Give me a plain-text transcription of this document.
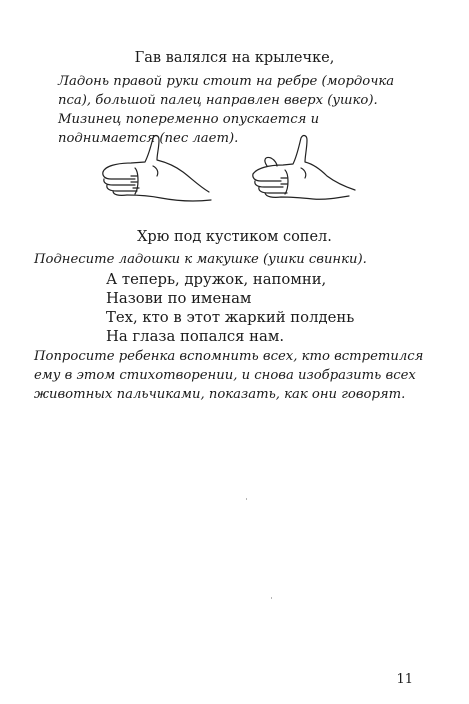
Гав валялся на крылечке,

Ладонь правой руки стоит на ребре (мордочка пса), большой палец направлен вверх (ушко). Мизинец попеременно опускается и поднимается (пес лает).

Хрю под кустиком сопел.

Поднесите ладошки к макушке (ушки свинки).

А теперь, дружок, напомни,
Назови по именам
Тех, кто в этот жаркий полдень
На глаза попался нам.

Попросите ребенка вспомнить всех, кто встретился ему в этом стихотворении, и снова изобразить всех животных пальчиками, показать, как они говорят.

11
